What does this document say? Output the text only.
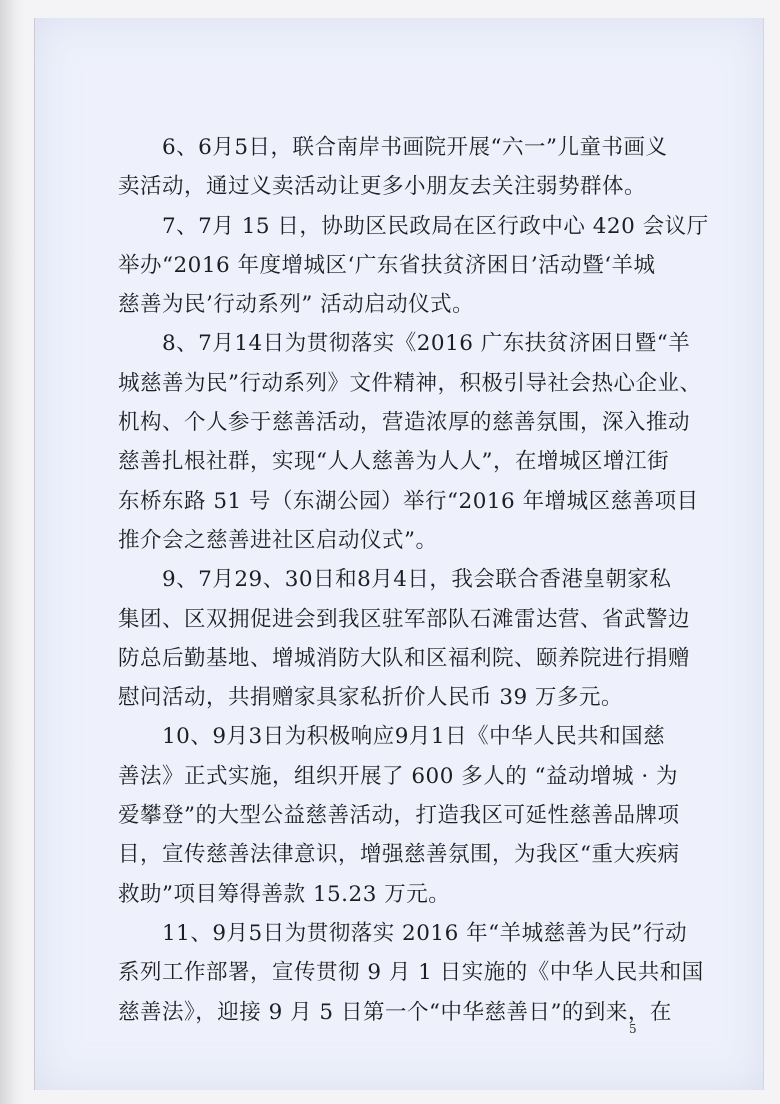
6、6月5日，联合南岸书画院开展“六一”儿童书画义
卖活动，通过义卖活动让更多小朋友去关注弱势群体。
7、7月 15 日，协助区民政局在区行政中心 420 会议厅
举办“2016 年度增城区‘广东省扶贫济困日’活动暨‘羊城
慈善为民’行动系列” 活动启动仪式。
8、7月14日为贯彻落实《2016 广东扶贫济困日暨“羊
城慈善为民”行动系列》文件精神，积极引导社会热心企业、
机构、个人参于慈善活动，营造浓厚的慈善氛围，深入推动
慈善扎根社群，实现“人人慈善为人人”，在增城区增江街
东桥东路 51 号（东湖公园）举行“2016 年增城区慈善项目
推介会之慈善进社区启动仪式”。
9、7月29、30日和8月4日，我会联合香港皇朝家私
集团、区双拥促进会到我区驻军部队石滩雷达营、省武警边
防总后勤基地、增城消防大队和区福利院、颐养院进行捐赠
慰问活动，共捐赠家具家私折价人民币 39 万多元。
10、9月3日为积极响应9月1日《中华人民共和国慈
善法》正式实施，组织开展了 600 多人的 “益动增城 · 为
爱攀登”的大型公益慈善活动，打造我区可延性慈善品牌项
目，宣传慈善法律意识，增强慈善氛围，为我区“重大疾病
救助”项目筹得善款 15.23 万元。
11、9月5日为贯彻落实 2016 年“羊城慈善为民”行动
系列工作部署，宣传贯彻 9 月 1 日实施的《中华人民共和国
慈善法》，迎接 9 月 5 日第一个“中华慈善日”的到来，在
5
